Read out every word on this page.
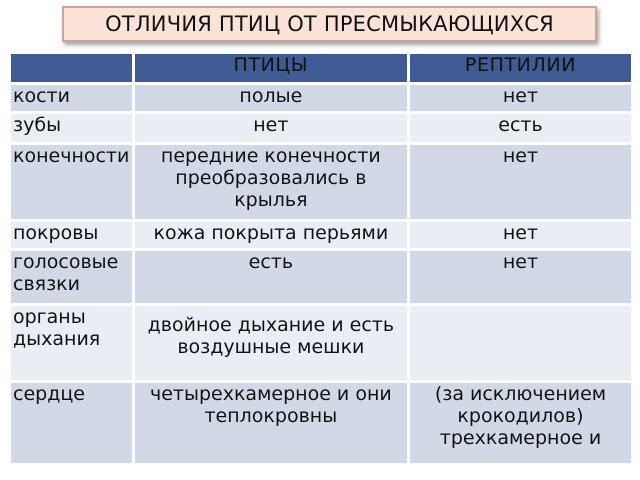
ОТЛИЧИЯ ПТИЦ ОТ ПРЕСМЫКАЮЩИХСЯ
	ПТИЦЫ	РЕПТИЛИИ
кости	полые	нет
зубы	нет	есть
конечности	передние конечности преобразовались в крылья	нет
покровы	кожа покрыта перьями	нет
голосовые связки	есть	нет
органы дыхания	двойное дыхание и есть воздушные мешки	
сердце	четырехкамерное и они теплокровны	(за исключением крокодилов) трехкамерное и
